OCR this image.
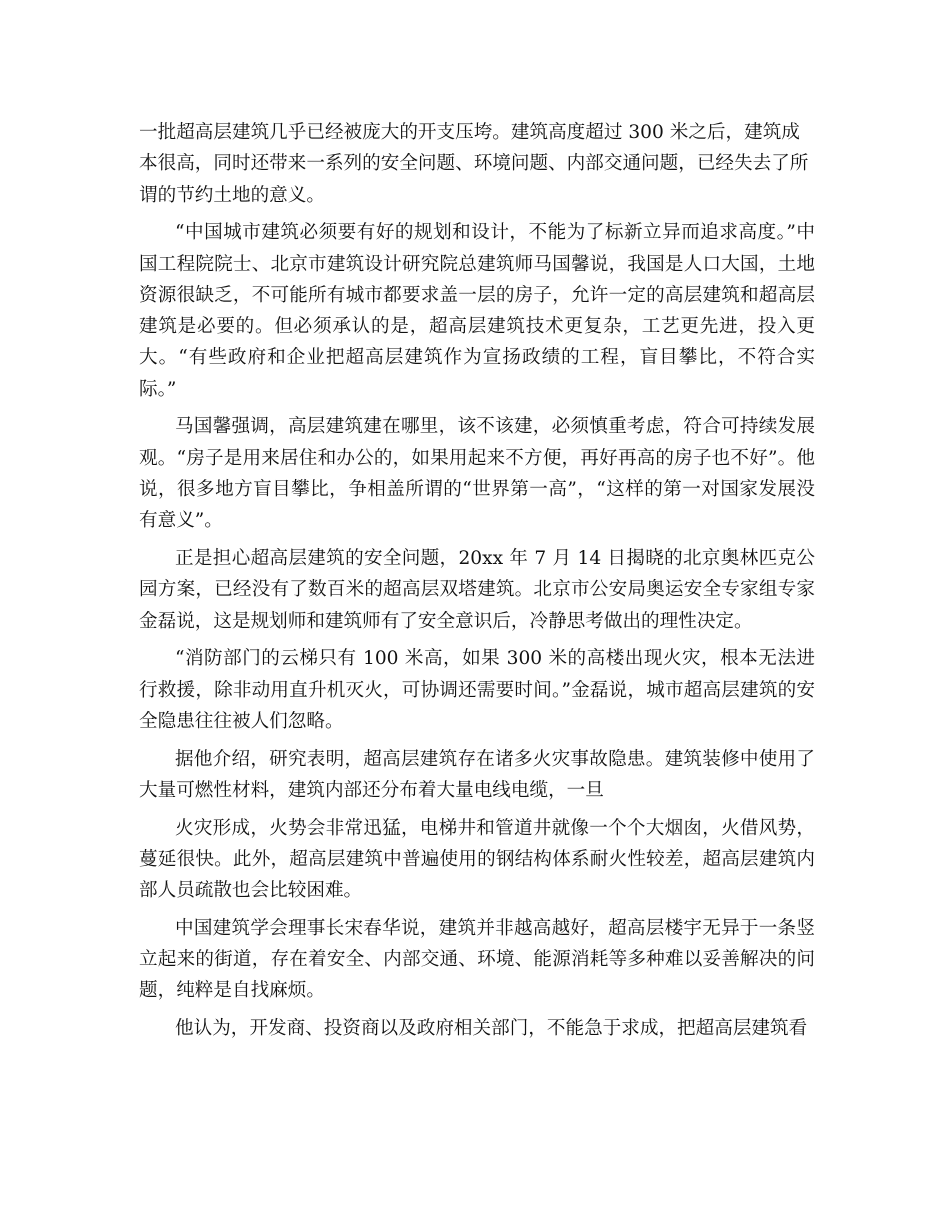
一批超高层建筑几乎已经被庞大的开支压垮。建筑高度超过 300 米之后，建筑成本很高，同时还带来一系列的安全问题、环境问题、内部交通问题，已经失去了所谓的节约土地的意义。

“中国城市建筑必须要有好的规划和设计，不能为了标新立异而追求高度。”中国工程院院士、北京市建筑设计研究院总建筑师马国馨说，我国是人口大国，土地资源很缺乏，不可能所有城市都要求盖一层的房子，允许一定的高层建筑和超高层建筑是必要的。但必须承认的是，超高层建筑技术更复杂，工艺更先进，投入更大。“有些政府和企业把超高层建筑作为宣扬政绩的工程，盲目攀比，不符合实际。”

马国馨强调，高层建筑建在哪里，该不该建，必须慎重考虑，符合可持续发展观。“房子是用来居住和办公的，如果用起来不方便，再好再高的房子也不好”。他说，很多地方盲目攀比，争相盖所谓的“世界第一高”，“这样的第一对国家发展没有意义”。

正是担心超高层建筑的安全问题，20xx 年 7 月 14 日揭晓的北京奥林匹克公园方案，已经没有了数百米的超高层双塔建筑。北京市公安局奥运安全专家组专家金磊说，这是规划师和建筑师有了安全意识后，冷静思考做出的理性决定。

“消防部门的云梯只有 100 米高，如果 300 米的高楼出现火灾，根本无法进行救援，除非动用直升机灭火，可协调还需要时间。”金磊说，城市超高层建筑的安全隐患往往被人们忽略。

据他介绍，研究表明，超高层建筑存在诸多火灾事故隐患。建筑装修中使用了大量可燃性材料，建筑内部还分布着大量电线电缆，一旦

火灾形成，火势会非常迅猛，电梯井和管道井就像一个个大烟囱，火借风势，蔓延很快。此外，超高层建筑中普遍使用的钢结构体系耐火性较差，超高层建筑内部人员疏散也会比较困难。

中国建筑学会理事长宋春华说，建筑并非越高越好，超高层楼宇无异于一条竖立起来的街道，存在着安全、内部交通、环境、能源消耗等多种难以妥善解决的问题，纯粹是自找麻烦。

他认为，开发商、投资商以及政府相关部门，不能急于求成，把超高层建筑看
